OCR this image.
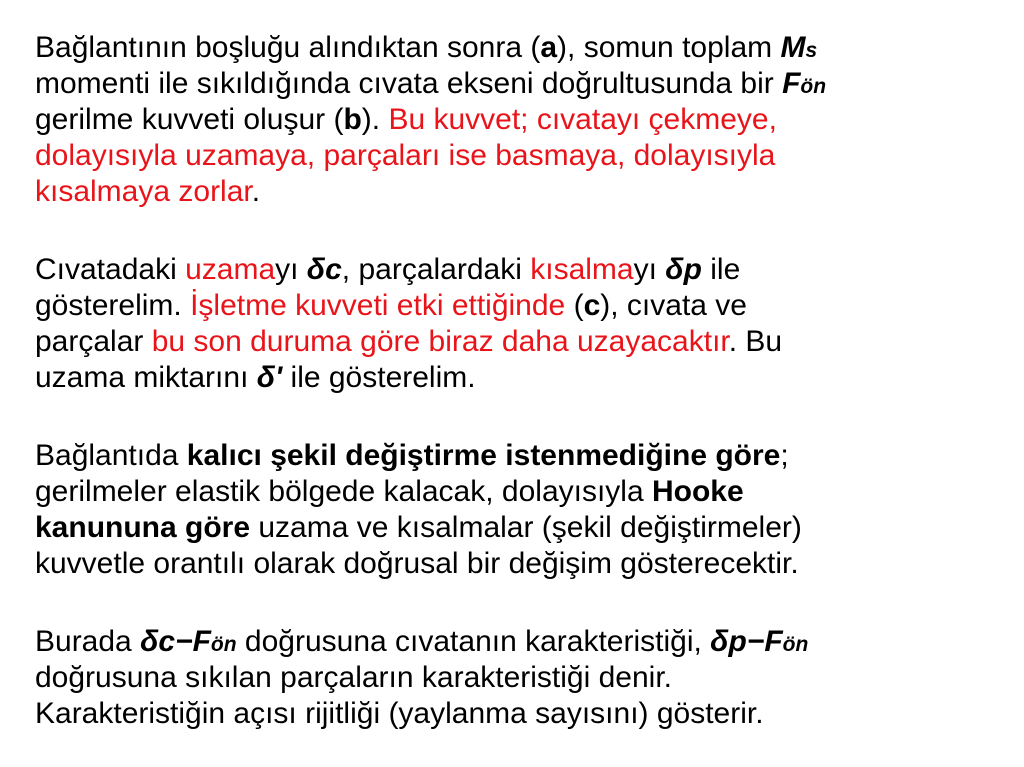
Bağlantının boşluğu alındıktan sonra (a), somun toplam Ms
momenti ile sıkıldığında cıvata ekseni doğrultusunda bir Fön
gerilme kuvveti oluşur (b). Bu kuvvet; cıvatayı çekmeye,
dolayısıyla uzamaya, parçaları ise basmaya, dolayısıyla
kısalmaya zorlar.
Cıvatadaki uzamayı δc, parçalardaki kısalmayı δp ile
gösterelim. İşletme kuvveti etki ettiğinde (c), cıvata ve
parçalar bu son duruma göre biraz daha uzayacaktır. Bu
uzama miktarını δ' ile gösterelim.
Bağlantıda kalıcı şekil değiştirme istenmediğine göre;
gerilmeler elastik bölgede kalacak, dolayısıyla Hooke
kanununa göre uzama ve kısalmalar (şekil değiştirmeler)
kuvvetle orantılı olarak doğrusal bir değişim gösterecektir.
Burada δc−Fön doğrusuna cıvatanın karakteristiği, δp−Fön
doğrusuna sıkılan parçaların karakteristiği denir.
Karakteristiğin açısı rijitliği (yaylanma sayısını) gösterir.
